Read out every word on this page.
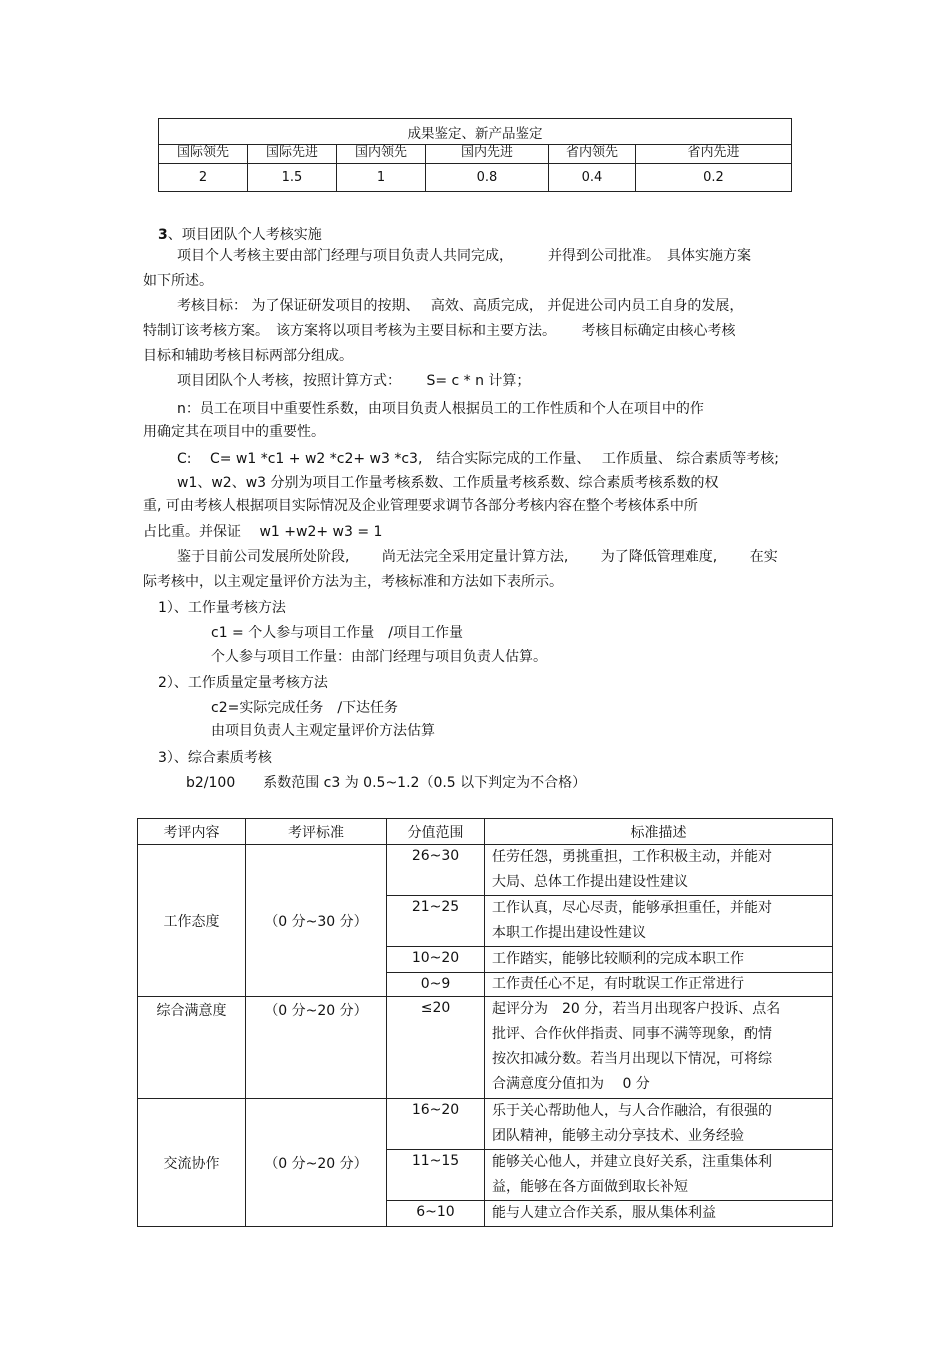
成果鉴定、新产品鉴定					
国际领先	国际先进	国内领先	国内先进	省内领先	省内先进
2	1.5	1	0.8	0.4	0.2
3、项目团队个人考核实施
项目个人考核主要由部门经理与项目负责人共同完成，　　　并得到公司批准。　具体实施方案
如下所述。
考核目标： 为了保证研发项目的按期、　 高效、高质完成， 并促进公司内员工自身的发展，
特制订该考核方案。　该方案将以项目考核为主要目标和主要方法。　　 考核目标确定由核心考核
目标和辅助考核目标两部分组成。
项目团队个人考核，按照计算方式：　　 S= c * n 计算；
n：员工在项目中重要性系数，由项目负责人根据员工的工作性质和个人在项目中的作
用确定其在项目中的重要性。
C:　 C= w1 *c1 + w2 *c2+ w3 *c3,　结合实际完成的工作量、　 工作质量、 综合素质等考核;
w1、w2、w3 分别为项目工作量考核系数、工作质量考核系数、综合素质考核系数的权
重, 可由考核人根据项目实际情况及企业管理要求调节各部分考核内容在整个考核体系中所
占比重。并保证　 w1 +w2+ w3 = 1
鉴于目前公司发展所处阶段,　　 尚无法完全采用定量计算方法,　　 为了降低管理难度,　　 在实
际考核中，以主观定量评价方法为主，考核标准和方法如下表所示。
1）、工作量考核方法
c1 = 个人参与项目工作量　/项目工作量
个人参与项目工作量：由部门经理与项目负责人估算。
2）、工作质量定量考核方法
c2=实际完成任务　/下达任务
由项目负责人主观定量评价方法估算
3）、综合素质考核
b2/100　　系数范围 c3 为 0.5~1.2（0.5 以下判定为不合格）
考评内容	考评标准	分值范围	标准描述
工作态度	（0 分~30 分）	26~30	任劳任怨，勇挑重担，工作积极主动，并能对
大局、总体工作提出建设性建议

		21~25	工作认真，尽心尽责，能够承担重任，并能对
本职工作提出建设性建议

		10~20	工作踏实，能够比较顺利的完成本职工作

		0~9	工作责任心不足，有时耽误工作正常进行

综合满意度	（0 分~20 分）	≤20	起评分为　20 分，若当月出现客户投诉、点名
批评、合作伙伴指责、同事不满等现象，酌情
按次扣减分数。若当月出现以下情况，可将综
合满意度分值扣为　 0 分

交流协作	（0 分~20 分）	16~20	乐于关心帮助他人，与人合作融洽，有很强的
团队精神，能够主动分享技术、业务经验

		11~15	能够关心他人，并建立良好关系，注重集体利
益，能够在各方面做到取长补短

		6~10	能与人建立合作关系，服从集体利益
